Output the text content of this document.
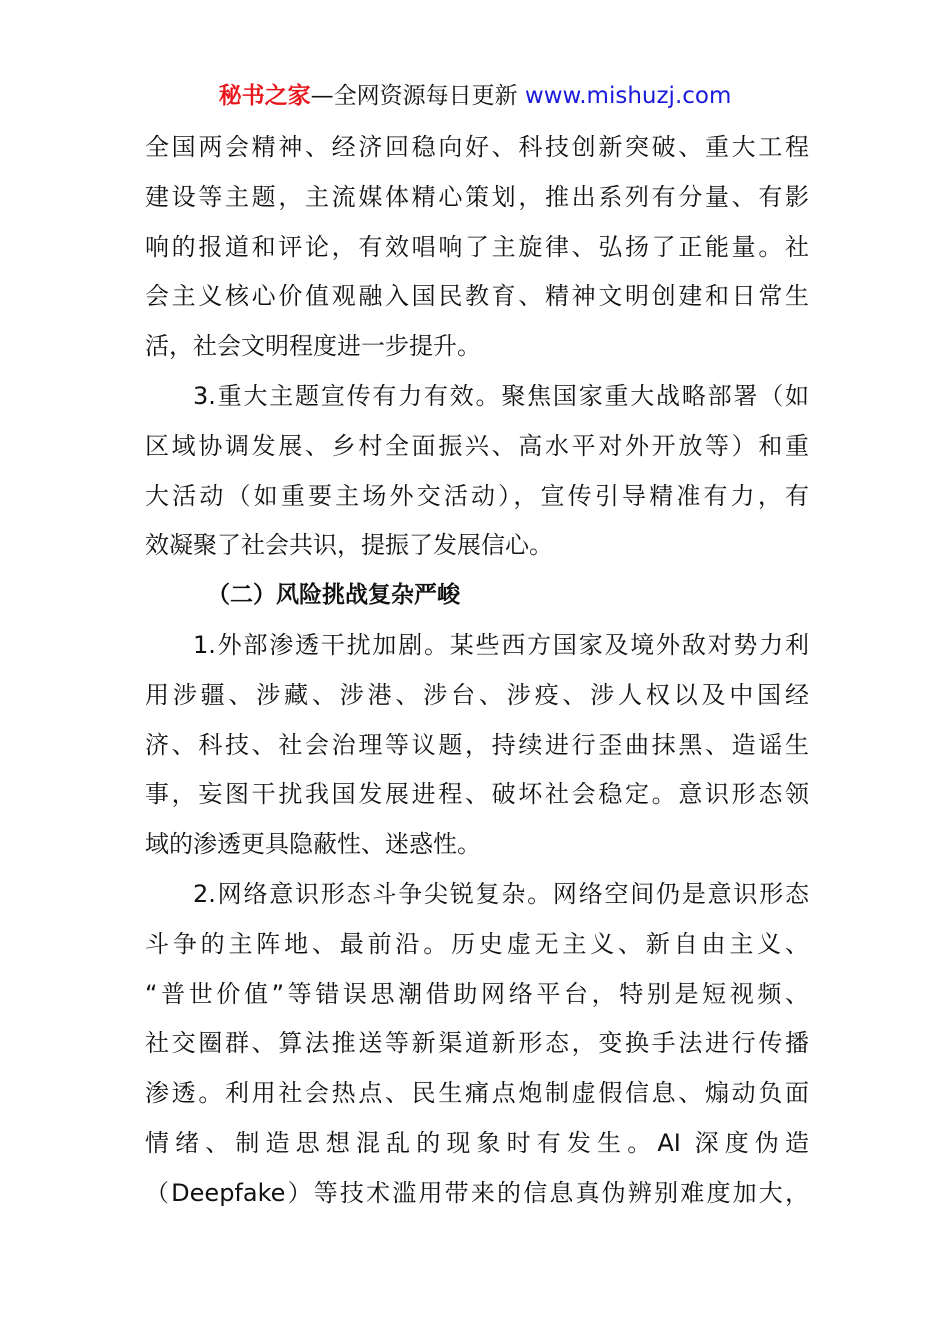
秘书之家—全网资源每日更新 www.mishuzj.com
全国两会精神、经济回稳向好、科技创新突破、重大工程
建设等主题，主流媒体精心策划，推出系列有分量、有影
响的报道和评论，有效唱响了主旋律、弘扬了正能量。社
会主义核心价值观融入国民教育、精神文明创建和日常生
活，社会文明程度进一步提升。
3.重大主题宣传有力有效。聚焦国家重大战略部署（如
区域协调发展、乡村全面振兴、高水平对外开放等）和重
大活动（如重要主场外交活动），宣传引导精准有力，有
效凝聚了社会共识，提振了发展信心。
（二）风险挑战复杂严峻
1.外部渗透干扰加剧。某些西方国家及境外敌对势力利
用涉疆、涉藏、涉港、涉台、涉疫、涉人权以及中国经
济、科技、社会治理等议题，持续进行歪曲抹黑、造谣生
事，妄图干扰我国发展进程、破坏社会稳定。意识形态领
域的渗透更具隐蔽性、迷惑性。
2.网络意识形态斗争尖锐复杂。网络空间仍是意识形态
斗争的主阵地、最前沿。历史虚无主义、新自由主义、
“普世价值”等错误思潮借助网络平台，特别是短视频、
社交圈群、算法推送等新渠道新形态，变换手法进行传播
渗透。利用社会热点、民生痛点炮制虚假信息、煽动负面
情绪、制造思想混乱的现象时有发生。AI 深度伪造
（Deepfake）等技术滥用带来的信息真伪辨别难度加大，
